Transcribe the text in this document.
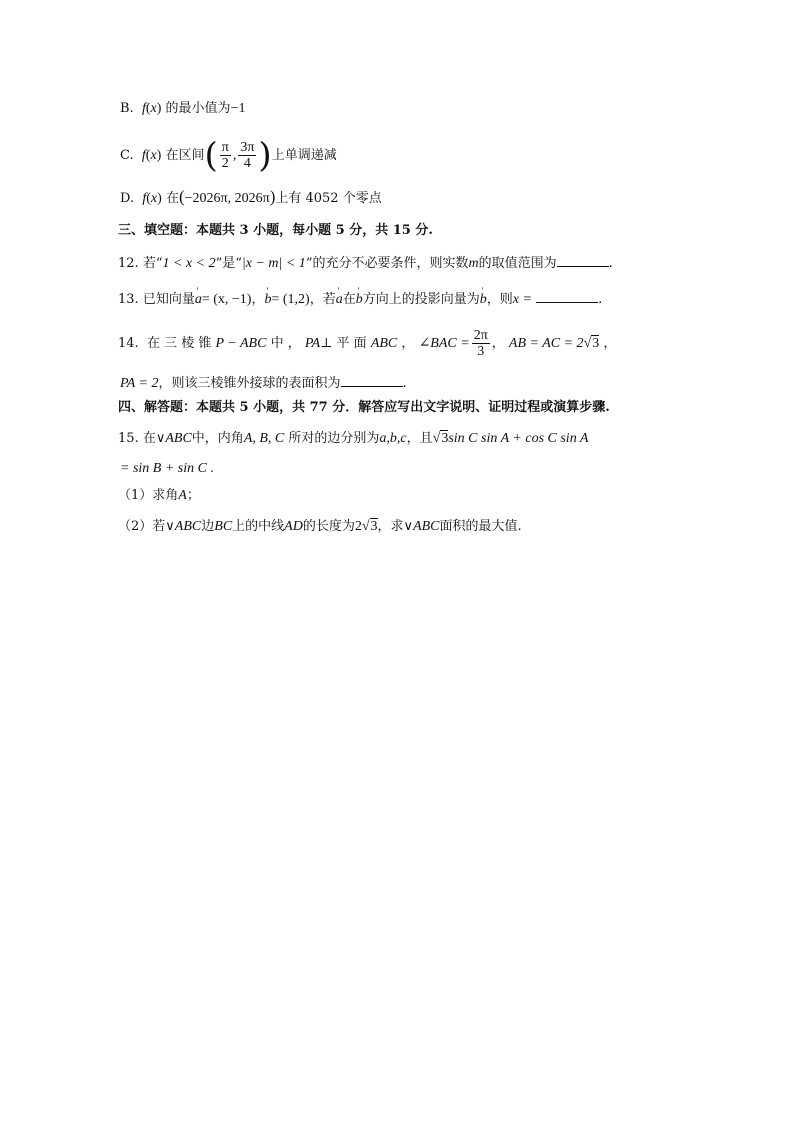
B. f(x) 的最小值为−1
C. f(x) 在区间( $\frac{\pi}{2}$ , $\frac{3\pi}{4}$ )上单调递减
D. f(x) 在(−2026π, 2026π)上有 4052 个零点
三、填空题：本题共 3 小题，每小题 5 分，共 15 分.
12. 若“1 < x < 2”是“|x − m| < 1”的充分不必要条件，则实数m的取值范围为	.
13. 已知向量' a= (x, −1)，' b= (1,2)，若' a在' b方向上的投影向量为' b，则x =	.
14. 在 三 棱 锥 P − ABC 中 ， PA⊥ 平 面 ABC ， ∠BAC = $\frac{2\pi}{3}$ ， AB = AC = 2√3 ，
PA = 2，则该三棱锥外接球的表面积为	.
四、解答题：本题共 5 小题，共 77 分．解答应写出文字说明、证明过程或演算步骤.
15. 在∨ABC中，内角A, B, C 所对的边分别为a,b,c，且√3sin C sin A + cos C sin A
= sin B + sin C .
（1）求角A；
（2）若∨ABC边BC上的中线AD的长度为2√3，求∨ABC面积的最大值.
